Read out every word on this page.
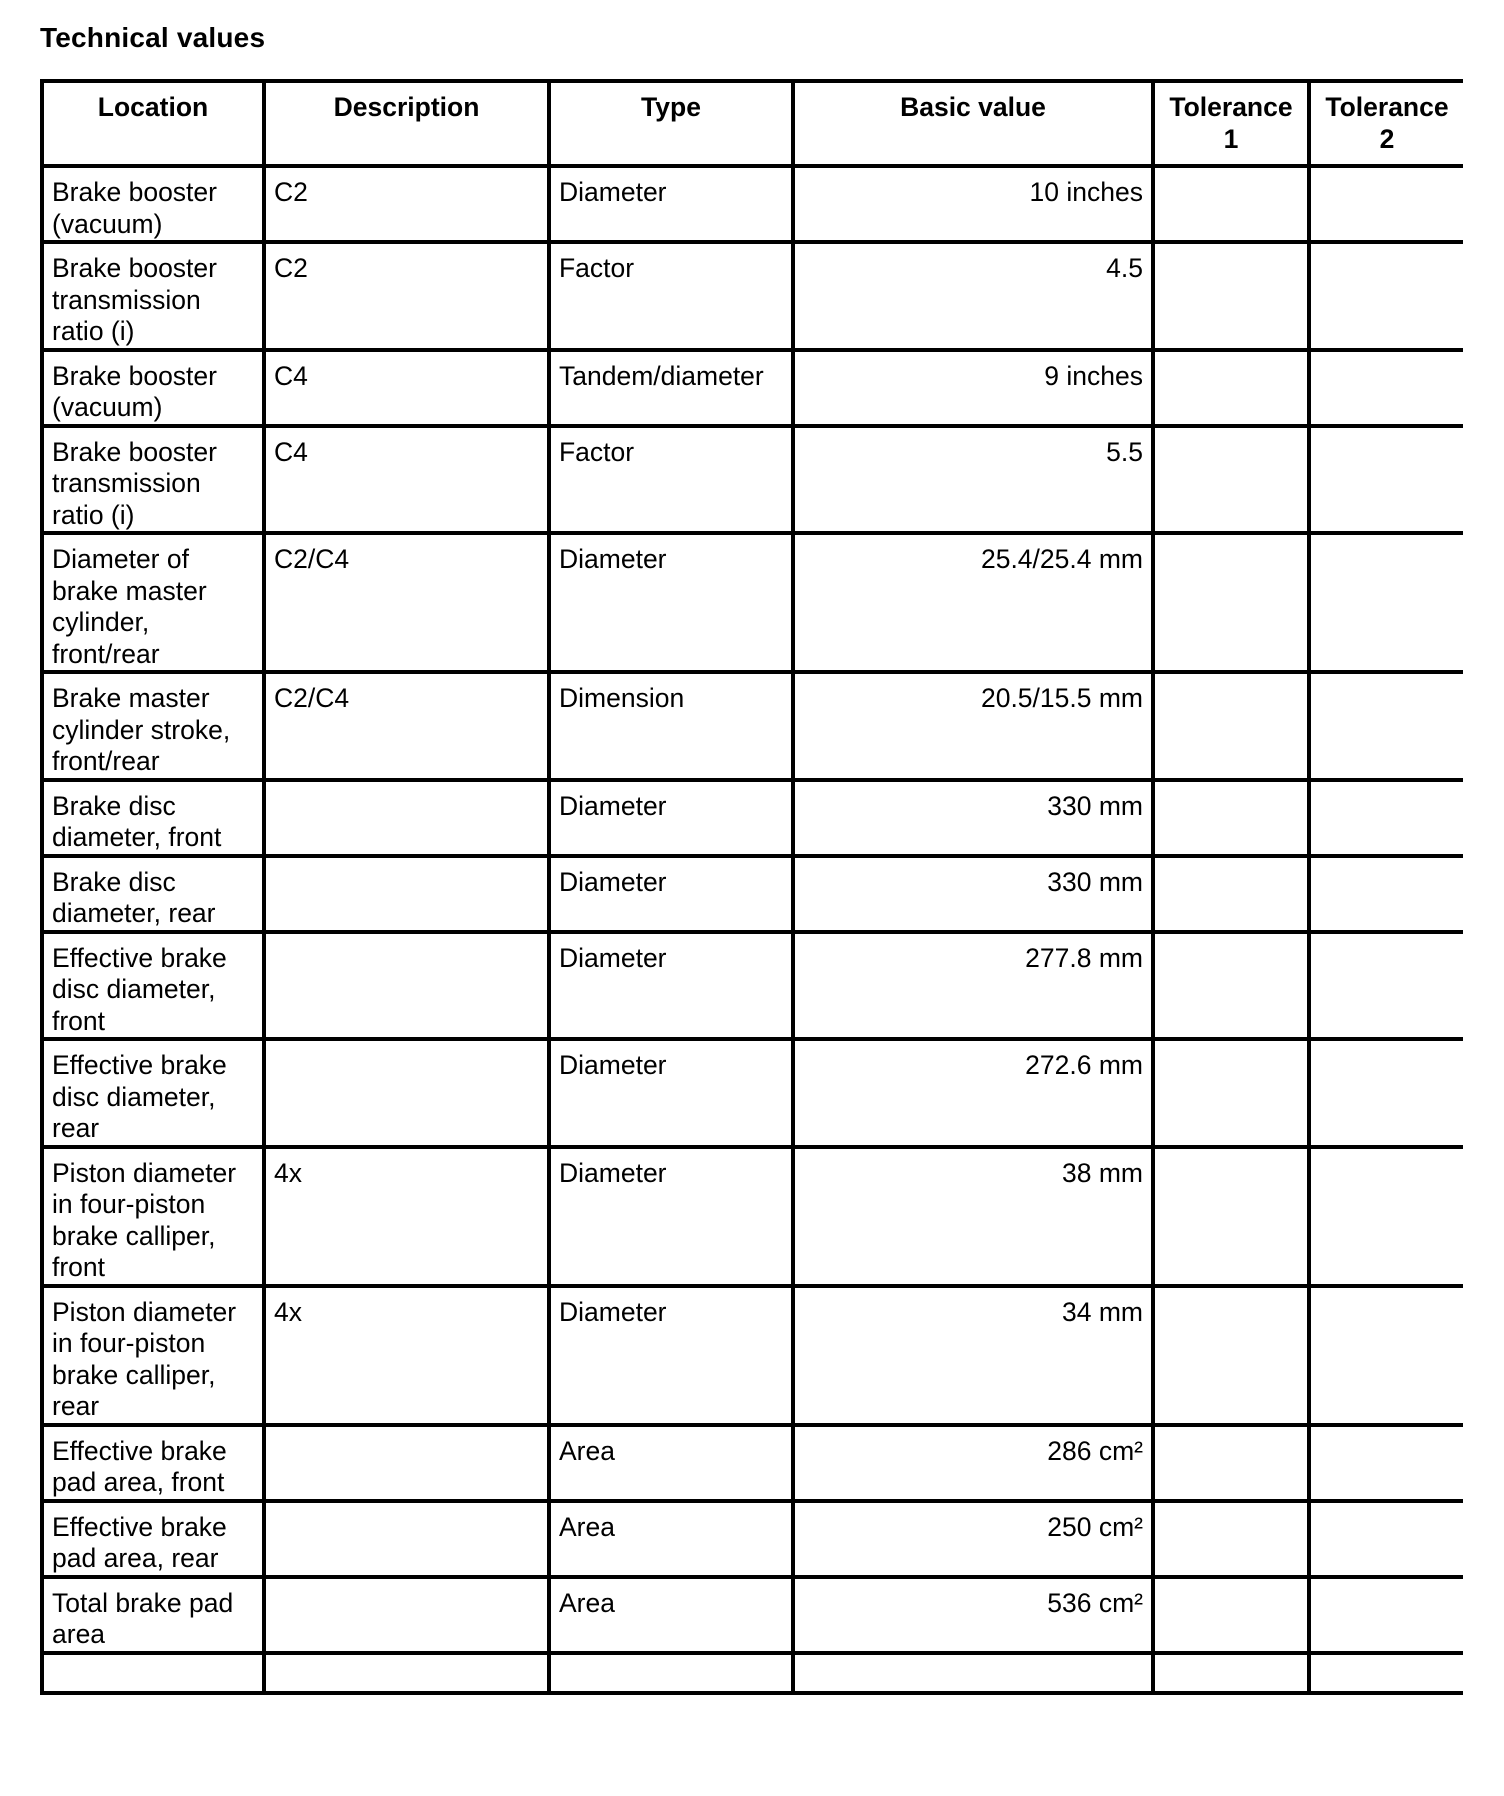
Technical values
Location	Description	Type	Basic value	Tolerance 1	Tolerance 2
Brake booster (vacuum)	C2	Diameter	10 inches		
Brake booster transmission ratio (i)	C2	Factor	4.5		
Brake booster (vacuum)	C4	Tandem/diameter	9 inches		
Brake booster transmission ratio (i)	C4	Factor	5.5		
Diameter of brake master cylinder, front/rear	C2/C4	Diameter	25.4/25.4 mm		
Brake master cylinder stroke, front/rear	C2/C4	Dimension	20.5/15.5 mm		
Brake disc diameter, front		Diameter	330 mm		
Brake disc diameter, rear		Diameter	330 mm		
Effective brake disc diameter, front		Diameter	277.8 mm		
Effective brake disc diameter, rear		Diameter	272.6 mm		
Piston diameter in four-piston brake calliper, front	4x	Diameter	38 mm		
Piston diameter in four-piston brake calliper, rear	4x	Diameter	34 mm		
Effective brake pad area, front		Area	286 cm²		
Effective brake pad area, rear		Area	250 cm²		
Total brake pad area		Area	536 cm²		
